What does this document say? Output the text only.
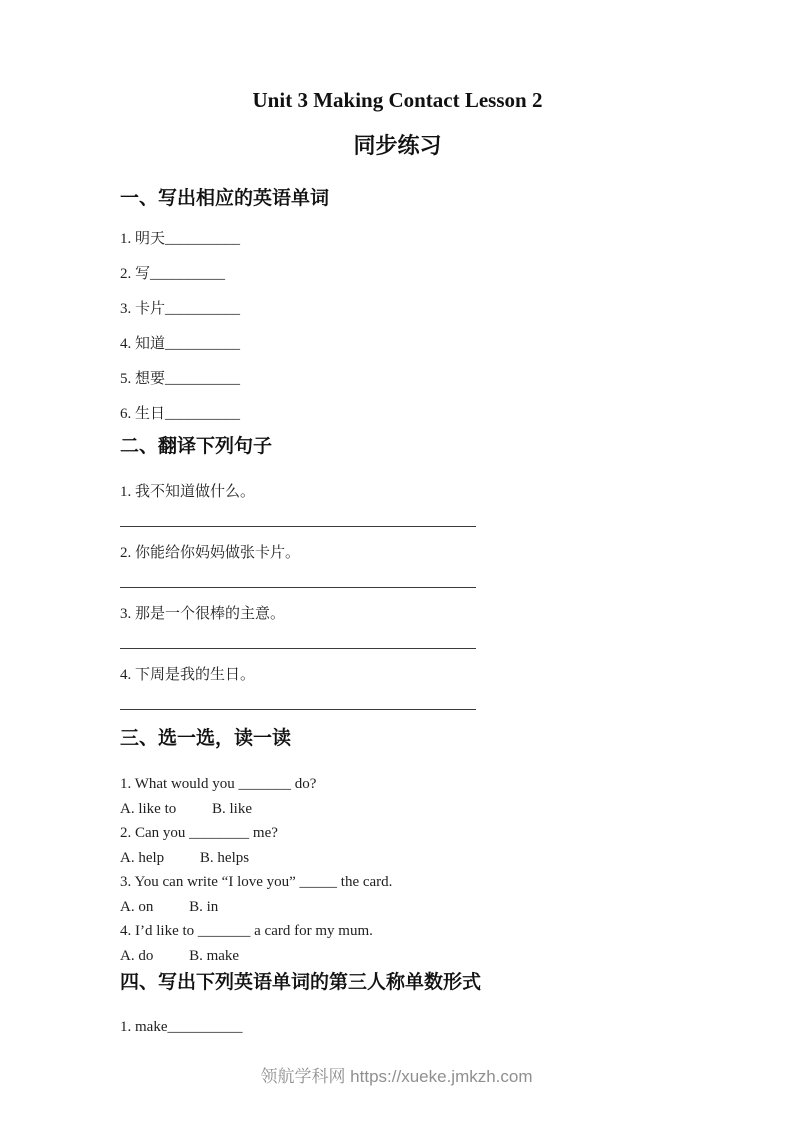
Unit 3 Making Contact Lesson 2
同步练习
一、写出相应的英语单词

1. 明天__________

2. 写__________

3. 卡片__________

4. 知道__________

5. 想要__________

6. 生日__________

二、翻译下列句子

1. 我不知道做什么。

2. 你能给你妈妈做张卡片。

3. 那是一个很棒的主意。

4. 下周是我的生日。

三、选一选，读一读

1. What would you _______ do?

A. like to B. like

2. Can you ________ me?

A. help B. helps

3. You can write “I love you” _____ the card.

A. on B. in

4. I’d like to _______ a card for my mum.

A. do B. make

四、写出下列英语单词的第三人称单数形式

1. make__________

领航学科网 https://xueke.jmkzh.com
